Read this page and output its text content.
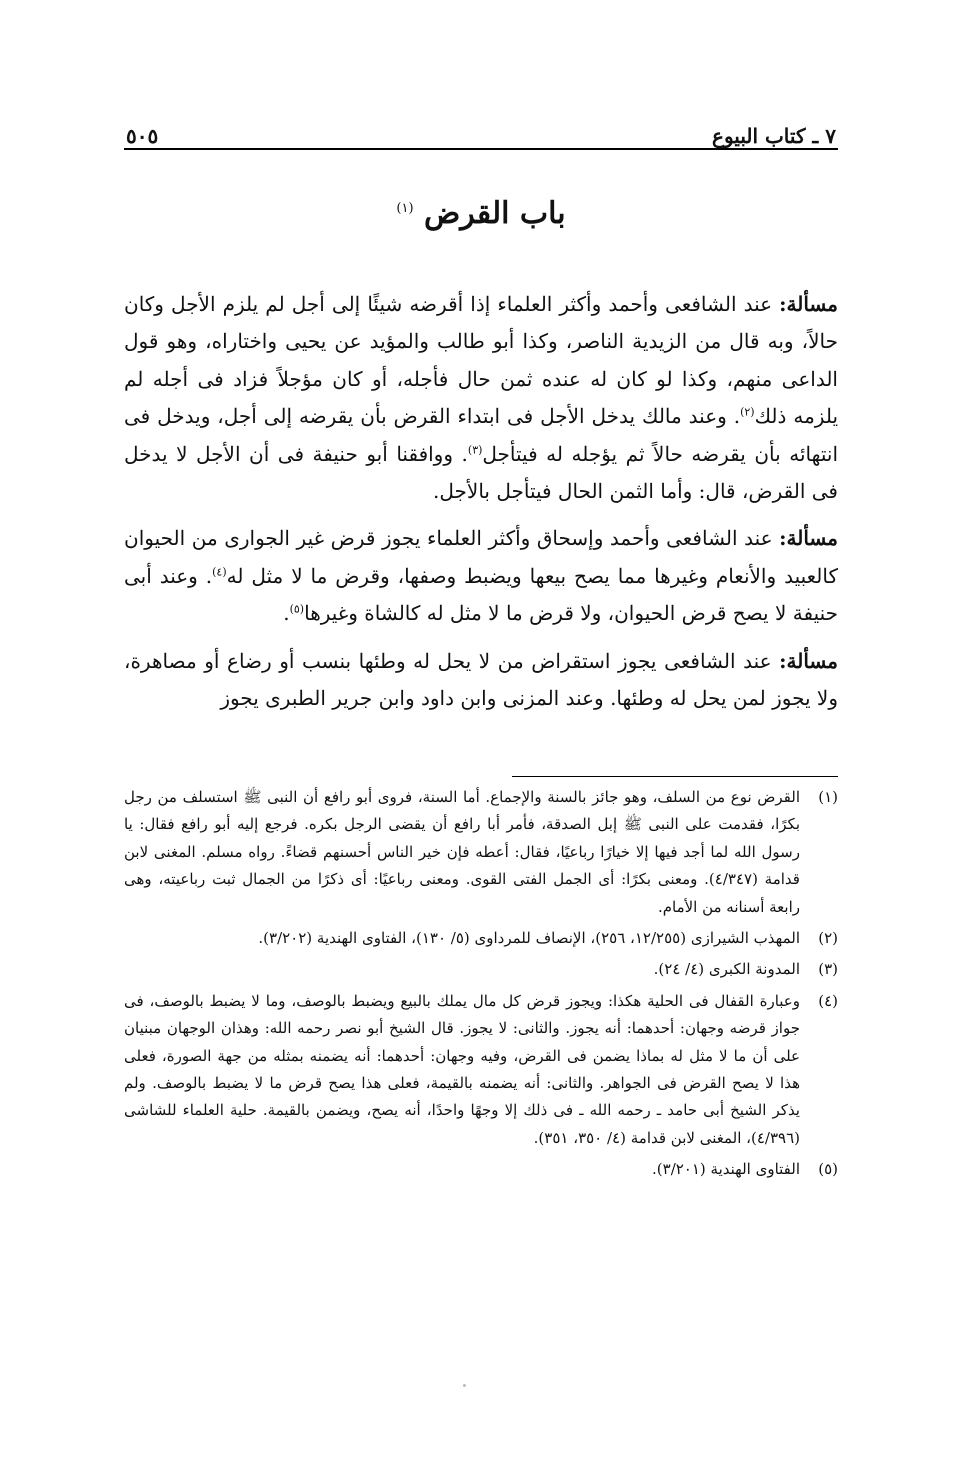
٧ ـ كتاب البيوع
٥٠٥
باب القرض $^{(١)}$

مسألة: عند الشافعى وأحمد وأكثر العلماء إذا أقرضه شيئًا إلى أجل لم يلزم الأجل وكان حالاً، وبه قال من الزيدية الناصر، وكذا أبو طالب والمؤيد عن يحيى واختاراه، وهو قول الداعى منهم، وكذا لو كان له عنده ثمن حال فأجله، أو كان مؤجلاً فزاد فى أجله لم يلزمه ذلك$^{(٢)}$. وعند مالك يدخل الأجل فى ابتداء القرض بأن يقرضه إلى أجل، ويدخل فى انتهائه بأن يقرضه حالاً ثم يؤجله له فيتأجل$^{(٣)}$. ووافقنا أبو حنيفة فى أن الأجل لا يدخل فى القرض، قال: وأما الثمن الحال فيتأجل بالأجل.

مسألة: عند الشافعى وأحمد وإسحاق وأكثر العلماء يجوز قرض غير الجوارى من الحيوان كالعبيد والأنعام وغيرها مما يصح بيعها ويضبط وصفها، وقرض ما لا مثل له$^{(٤)}$. وعند أبى حنيفة لا يصح قرض الحيوان، ولا قرض ما لا مثل له كالشاة وغيرها$^{(٥)}$.

مسألة: عند الشافعى يجوز استقراض من لا يحل له وطئها بنسب أو رضاع أو مصاهرة، ولا يجوز لمن يحل له وطئها. وعند المزنى وابن داود وابن جرير الطبرى يجوز

(١)
القرض نوع من السلف، وهو جائز بالسنة والإجماع. أما السنة، فروى أبو رافع أن النبى ﷺ استسلف من رجل بكرًا، فقدمت على النبى ﷺ إبل الصدقة، فأمر أبا رافع أن يقضى الرجل بكره. فرجع إليه أبو رافع فقال: يا رسول الله لما أجد فيها إلا خيارًا رباعيًا، فقال: أعطه فإن خير الناس أحسنهم قضاءً. رواه مسلم. المغنى لابن قدامة (٤/٣٤٧). ومعنى بكرًا: أى الجمل الفتى القوى. ومعنى رباعيًا: أى ذكرًا من الجمال ثبت رباعيته، وهى رابعة أسنانه من الأمام.
(٢)
المهذب الشيرازى (١٢/٢٥٥، ٢٥٦)، الإنصاف للمرداوى (٥/ ١٣٠)، الفتاوى الهندية (٣/٢٠٢).
(٣)
المدونة الكبرى (٤/ ٢٤).
(٤)
وعبارة القفال فى الحلية هكذا: ويجوز قرض كل مال يملك بالبيع ويضبط بالوصف، وما لا يضبط بالوصف، فى جواز قرضه وجهان: أحدهما: أنه يجوز. والثانى: لا يجوز. قال الشيخ أبو نصر رحمه الله: وهذان الوجهان مبنيان على أن ما لا مثل له بماذا يضمن فى القرض، وفيه وجهان: أحدهما: أنه يضمنه بمثله من جهة الصورة، فعلى هذا لا يصح القرض فى الجواهر. والثانى: أنه يضمنه بالقيمة، فعلى هذا يصح قرض ما لا يضبط بالوصف. ولم يذكر الشيخ أبى حامد ـ رحمه الله ـ فى ذلك إلا وجهًا واحدًا، أنه يصح، ويضمن بالقيمة. حلية العلماء للشاشى (٤/٣٩٦)، المغنى لابن قدامة (٤/ ٣٥٠، ٣٥١).
(٥)
الفتاوى الهندية (٣/٢٠١).
